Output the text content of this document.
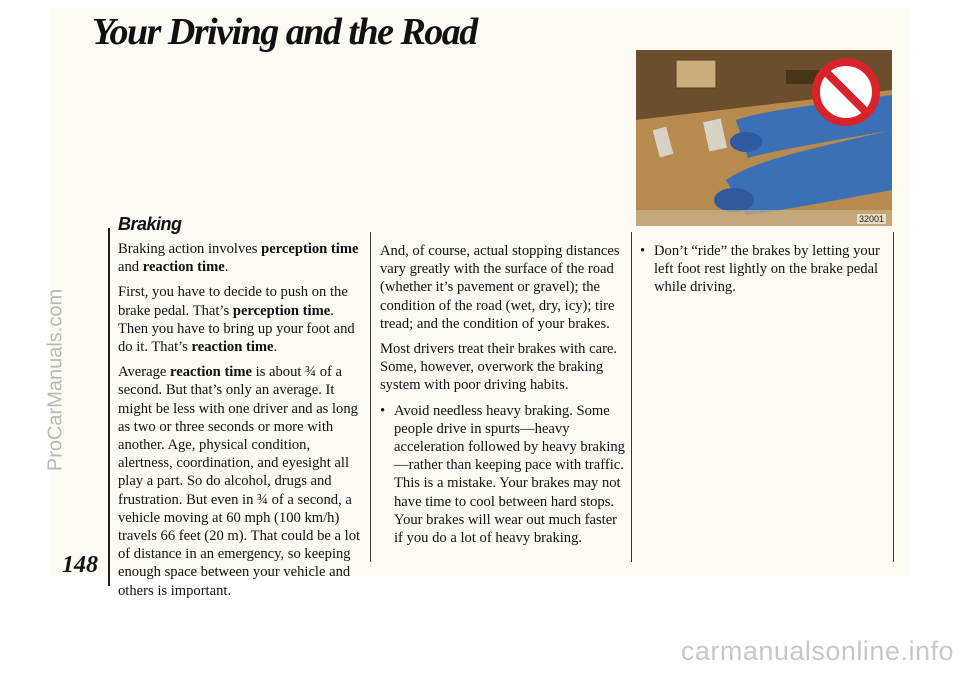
Your Driving and the Road
32001
Braking

Braking action involves perception time and reaction time.

First, you have to decide to push on the brake pedal. That’s perception time. Then you have to bring up your foot and do it. That’s reaction time.

Average reaction time is about ¾ of a second. But that’s only an average. It might be less with one driver and as long as two or three seconds or more with another. Age, physical condition, alertness, coordination, and eyesight all play a part. So do alcohol, drugs and frustration. But even in ¾ of a second, a vehicle moving at 60 mph (100 km/h) travels 66 feet (20 m). That could be a lot of distance in an emergency, so keeping enough space between your vehicle and others is important.

And, of course, actual stopping distances vary greatly with the surface of the road (whether it’s pavement or gravel); the condition of the road (wet, dry, icy); tire tread; and the condition of your brakes.

Most drivers treat their brakes with care. Some, however, overwork the braking system with poor driving habits.

• Avoid needless heavy braking. Some people drive in spurts—heavy acceleration followed by heavy braking—rather than keeping pace with traffic. This is a mistake. Your brakes may not have time to cool between hard stops. Your brakes will wear out much faster if you do a lot of heavy braking.

• Don’t “ride” the brakes by letting your left foot rest lightly on the brake pedal while driving.

148
ProCarManuals.com
carmanualsonline.info
